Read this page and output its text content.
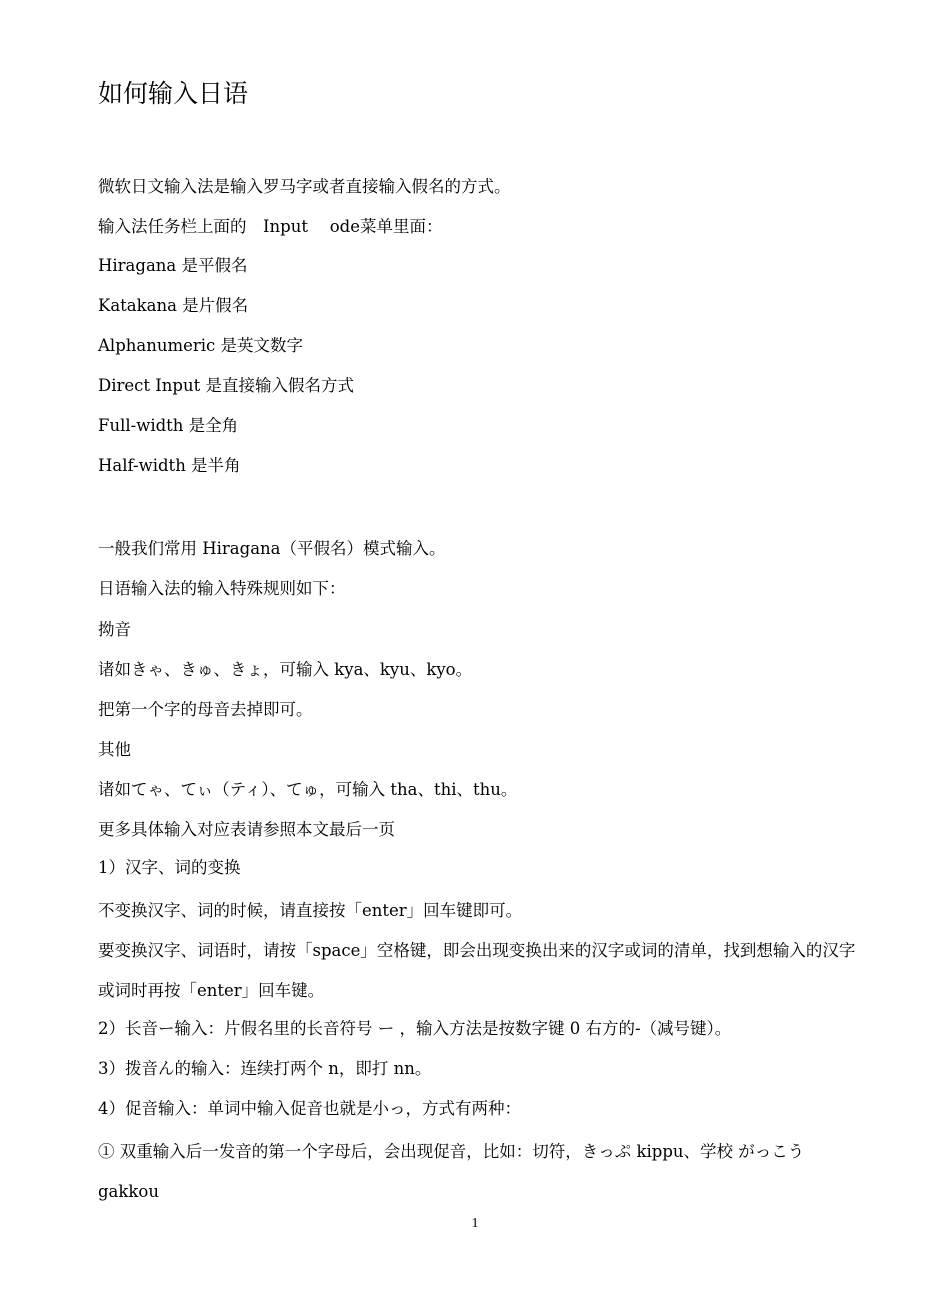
如何输入日语

微软日文输入法是输入罗马字或者直接输入假名的方式。

输入法任务栏上面的　Input　 ode菜单里面：

Hiragana 是平假名

Katakana 是片假名

Alphanumeric 是英文数字

Direct Input 是直接输入假名方式

Full-width 是全角

Half-width 是半角

一般我们常用 Hiragana（平假名）模式输入。

日语输入法的输入特殊规则如下：

拗音

诸如きゃ、きゅ、きょ，可输入 kya、kyu、kyo。

把第一个字的母音去掉即可。

其他

诸如てゃ、てぃ（ティ）、てゅ，可输入 tha、thi、thu。

更多具体输入对应表请参照本文最后一页

1）汉字、词的变换

不变换汉字、词的时候，请直接按「enter」回车键即可。

要变换汉字、词语时，请按「space」空格键，即会出现变换出来的汉字或词的清单，找到想输入的汉字或词时再按「enter」回车键。

2）长音ー输入：片假名里的长音符号 ー ，输入方法是按数字键 0 右方的-（减号键）。

3）拨音ん的输入：连续打两个 n，即打 nn。

4）促音输入：单词中输入促音也就是小っ，方式有两种：

① 双重输入后一发音的第一个字母后，会出现促音，比如：切符，きっぷ kippu、学校 がっこう gakkou

1
